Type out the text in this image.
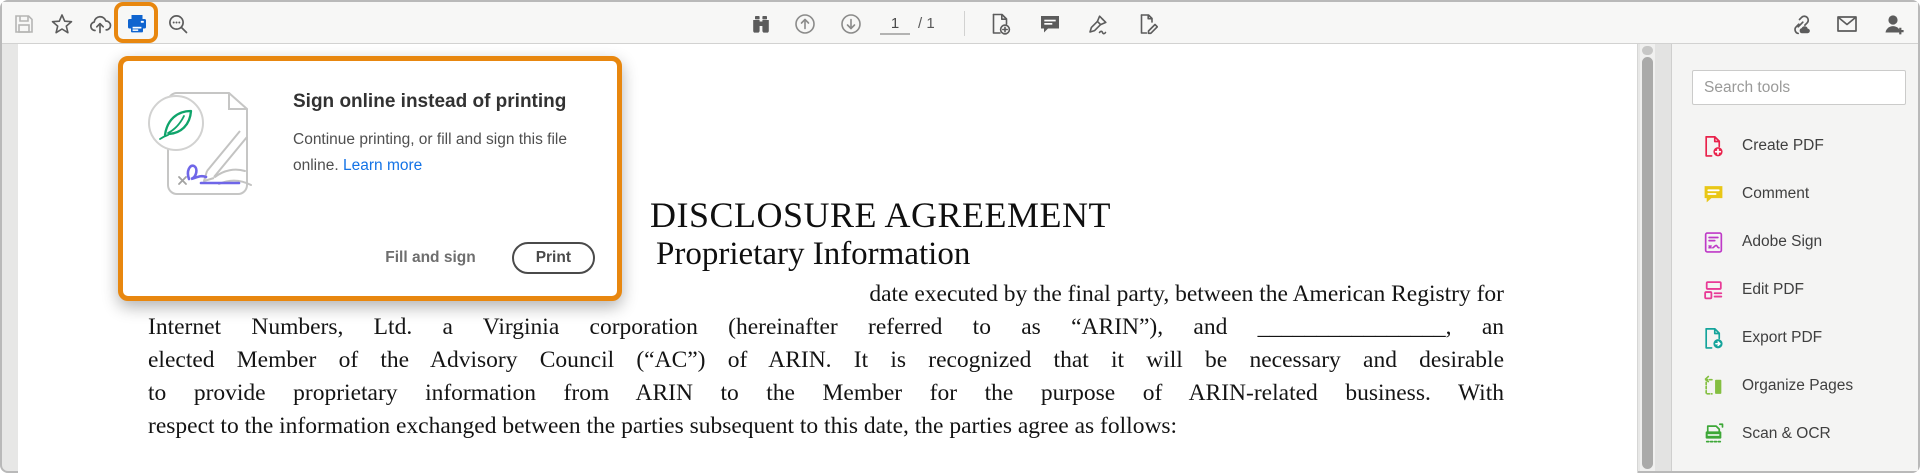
1
/ 1
DISCLOSURE AGREEMENT
Proprietary Information
date executed by the final party, between the American Registry for
Internet Numbers, Ltd. a Virginia corporation (hereinafter referred to as “ARIN”), and ________________, an
elected Member of the Advisory Council (“AC”) of ARIN. It is recognized that it will be necessary and desirable
to provide proprietary information from ARIN to the Member for the purpose of ARIN-related business. With
respect to the information exchanged between the parties subsequent to this date, the parties agree as follows:
Search tools
Create PDF
Comment
Adobe Sign
Edit PDF
Export PDF
Organize Pages
Scan & OCR
Sign online instead of printing
Continue printing, or fill and sign this file online. Learn more
Fill and sign	Print
